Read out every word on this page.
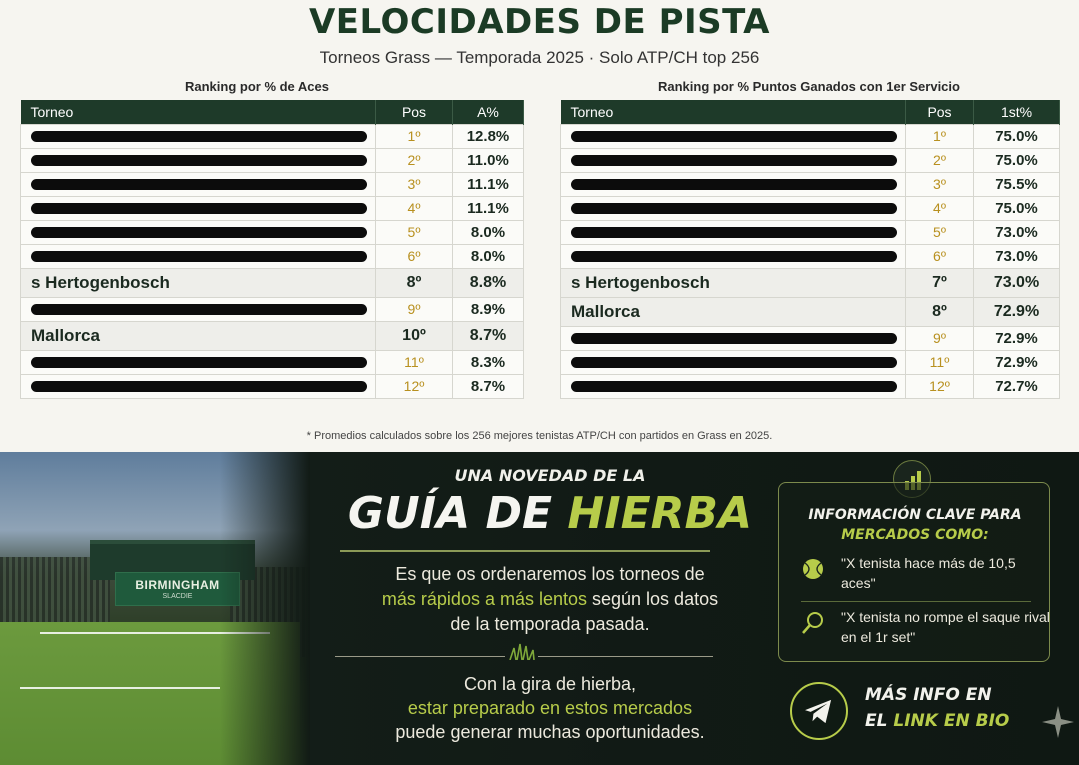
VELOCIDADES DE PISTA
Torneos Grass — Temporada 2025 · Solo ATP/CH top 256
Ranking por % de Aces
Torneo	Pos	A%

	1º	12.8%

	2º	11.0%

	3º	11.1%

	4º	11.1%

	5º	8.0%

	6º	8.0%
s Hertogenbosch	8º	8.8%

	9º	8.9%
Mallorca	10º	8.7%

	11º	8.3%

	12º	8.7%
Ranking por % Puntos Ganados con 1er Servicio
Torneo	Pos	1st%

	1º	75.0%

	2º	75.0%

	3º	75.5%

	4º	75.0%

	5º	73.0%

	6º	73.0%
s Hertogenbosch	7º	73.0%
Mallorca	8º	72.9%

	9º	72.9%

	11º	72.9%

	12º	72.7%
* Promedios calculados sobre los 256 mejores tenistas ATP/CH con partidos en Grass en 2025.
BIRMINGHAM
SLACDIE
UNA NOVEDAD DE LA
GUÍA DE HIERBA
Es que os ordenaremos los torneos de
más rápidos a más lentos según los datos
de la temporada pasada.
Con la gira de hierba,
estar preparado en estos mercados
puede generar muchas oportunidades.
INFORMACIÓN CLAVE PARA
MERCADOS COMO:
"X tenista hace más de 10,5 aces"
"X tenista no rompe el saque rival en el 1r set"
MÁS INFO EN
EL LINK EN BIO
